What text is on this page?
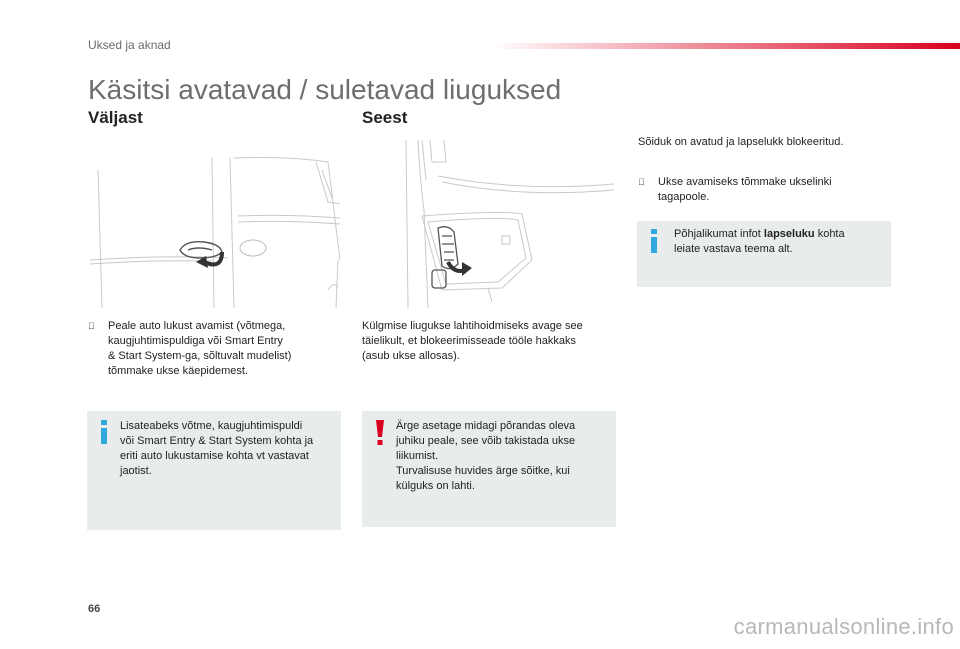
Uksed ja aknad
Käsitsi avatavad / suletavad liuguksed
Väljast	Seest
Peale auto lukust avamist (võtmega,
kaugjuhtimispuldiga või Smart Entry
& Start System-ga, sõltuvalt mudelist)
tõmmake ukse käepidemest.
Lisateabeks võtme, kaugjuhtimispuldi
või Smart Entry & Start System kohta ja
eriti auto lukustamise kohta vt vastavat
jaotist.
Külgmise liugukse lahtihoidmiseks avage see
täielikult, et blokeerimisseade tööle hakkaks
(asub ukse allosas).
Ärge asetage midagi põrandas oleva
juhiku peale, see võib takistada ukse
liikumist.
Turvalisuse huvides ärge sõitke, kui
külguks on lahti.
Sõiduk on avatud ja lapselukk blokeeritud.
Ukse avamiseks tõmmake ukselinki
tagapoole.
Põhjalikumat infot lapseluku kohta
leiate vastava teema alt.
66
carmanualsonline.info
